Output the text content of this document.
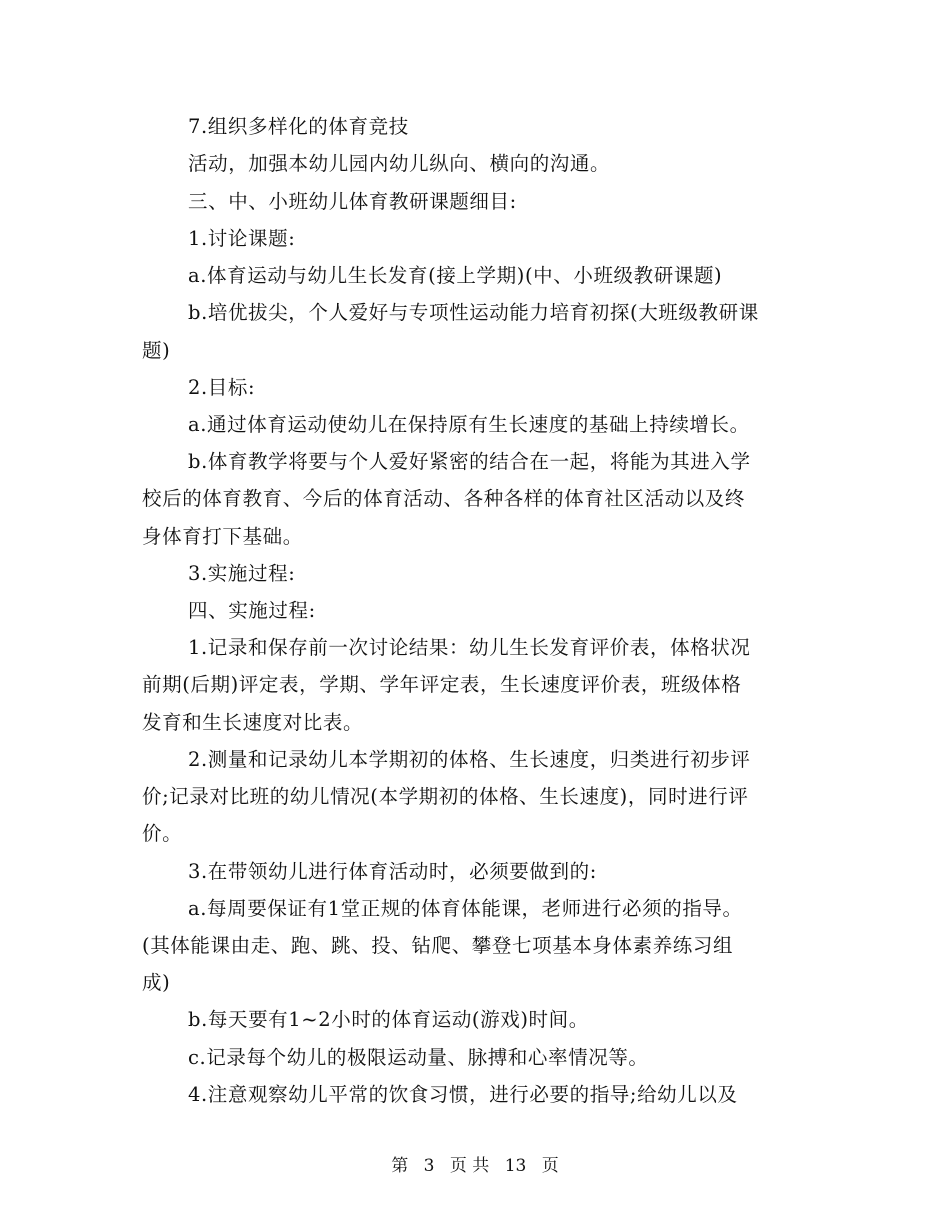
7.组织多样化的体育竞技
活动，加强本幼儿园内幼儿纵向、横向的沟通。
三、中、小班幼儿体育教研课题细目:
1.讨论课题:
a.体育运动与幼儿生长发育(接上学期)(中、小班级教研课题)
b.培优拔尖，个人爱好与专项性运动能力培育初探(大班级教研课
题)
2.目标:
a.通过体育运动使幼儿在保持原有生长速度的基础上持续增长。
b.体育教学将要与个人爱好紧密的结合在一起，将能为其进入学
校后的体育教育、今后的体育活动、各种各样的体育社区活动以及终
身体育打下基础。
3.实施过程:
四、实施过程:
1.记录和保存前一次讨论结果：幼儿生长发育评价表，体格状况
前期(后期)评定表，学期、学年评定表，生长速度评价表，班级体格
发育和生长速度对比表。
2.测量和记录幼儿本学期初的体格、生长速度，归类进行初步评
价;记录对比班的幼儿情况(本学期初的体格、生长速度)，同时进行评
价。
3.在带领幼儿进行体育活动时，必须要做到的:
a.每周要保证有1堂正规的体育体能课，老师进行必须的指导。
(其体能课由走、跑、跳、投、钻爬、攀登七项基本身体素养练习组
成)
b.每天要有1~2小时的体育运动(游戏)时间。
c.记录每个幼儿的极限运动量、脉搏和心率情况等。
4.注意观察幼儿平常的饮食习惯，进行必要的指导;给幼儿以及
第 3 页 共 13 页
